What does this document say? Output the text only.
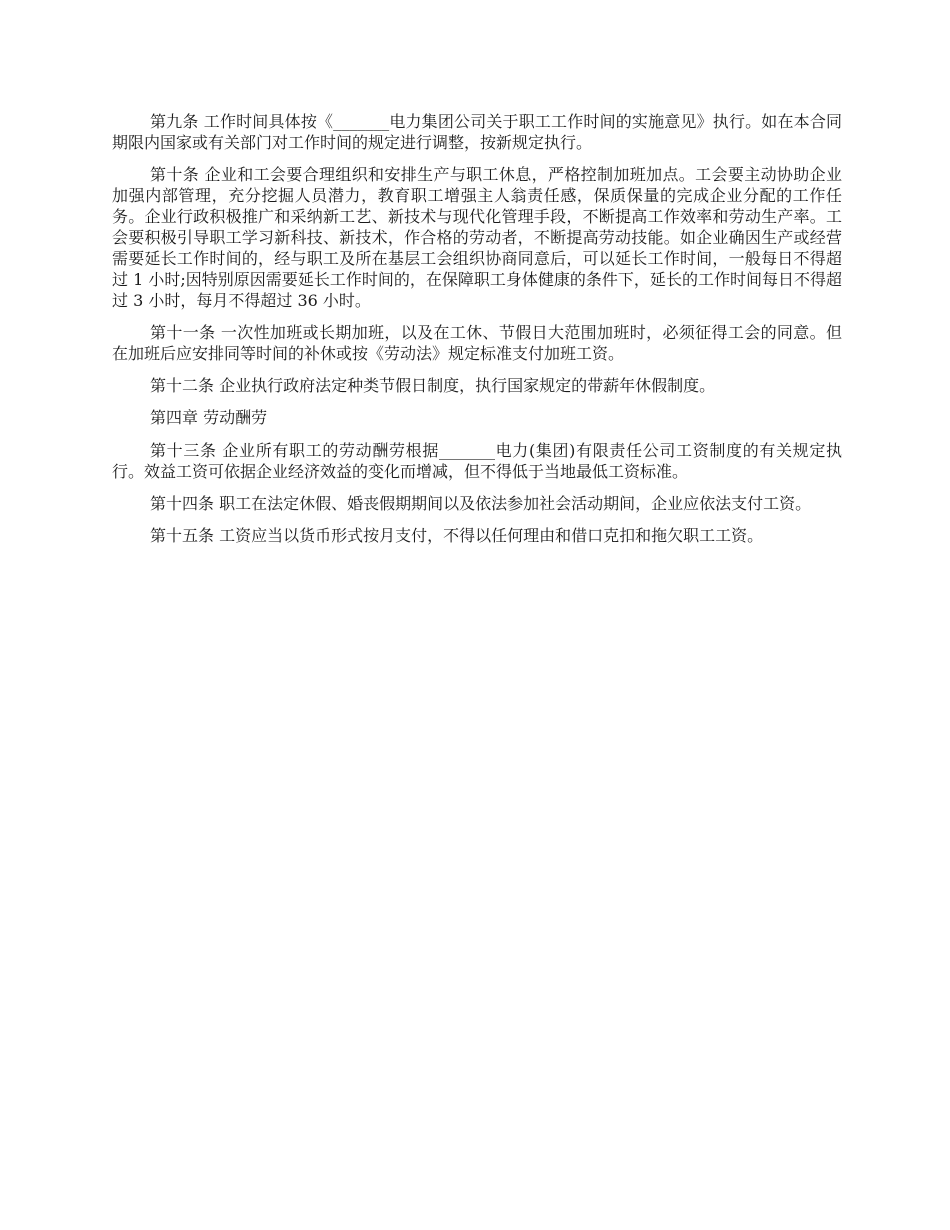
第九条 工作时间具体按《_______电力集团公司关于职工工作时间的实施意见》执行。如在本合同期限内国家或有关部门对工作时间的规定进行调整，按新规定执行。

第十条 企业和工会要合理组织和安排生产与职工休息，严格控制加班加点。工会要主动协助企业加强内部管理，充分挖掘人员潜力，教育职工增强主人翁责任感，保质保量的完成企业分配的工作任务。企业行政积极推广和采纳新工艺、新技术与现代化管理手段，不断提高工作效率和劳动生产率。工会要积极引导职工学习新科技、新技术，作合格的劳动者，不断提高劳动技能。如企业确因生产或经营需要延长工作时间的，经与职工及所在基层工会组织协商同意后，可以延长工作时间，一般每日不得超过 1 小时;因特别原因需要延长工作时间的，在保障职工身体健康的条件下，延长的工作时间每日不得超过 3 小时，每月不得超过 36 小时。

第十一条 一次性加班或长期加班，以及在工休、节假日大范围加班时，必须征得工会的同意。但在加班后应安排同等时间的补休或按《劳动法》规定标准支付加班工资。

第十二条 企业执行政府法定种类节假日制度，执行国家规定的带薪年休假制度。

第四章 劳动酬劳

第十三条 企业所有职工的劳动酬劳根据_______电力(集团)有限责任公司工资制度的有关规定执行。效益工资可依据企业经济效益的变化而增减，但不得低于当地最低工资标准。

第十四条 职工在法定休假、婚丧假期期间以及依法参加社会活动期间，企业应依法支付工资。

第十五条 工资应当以货币形式按月支付，不得以任何理由和借口克扣和拖欠职工工资。
